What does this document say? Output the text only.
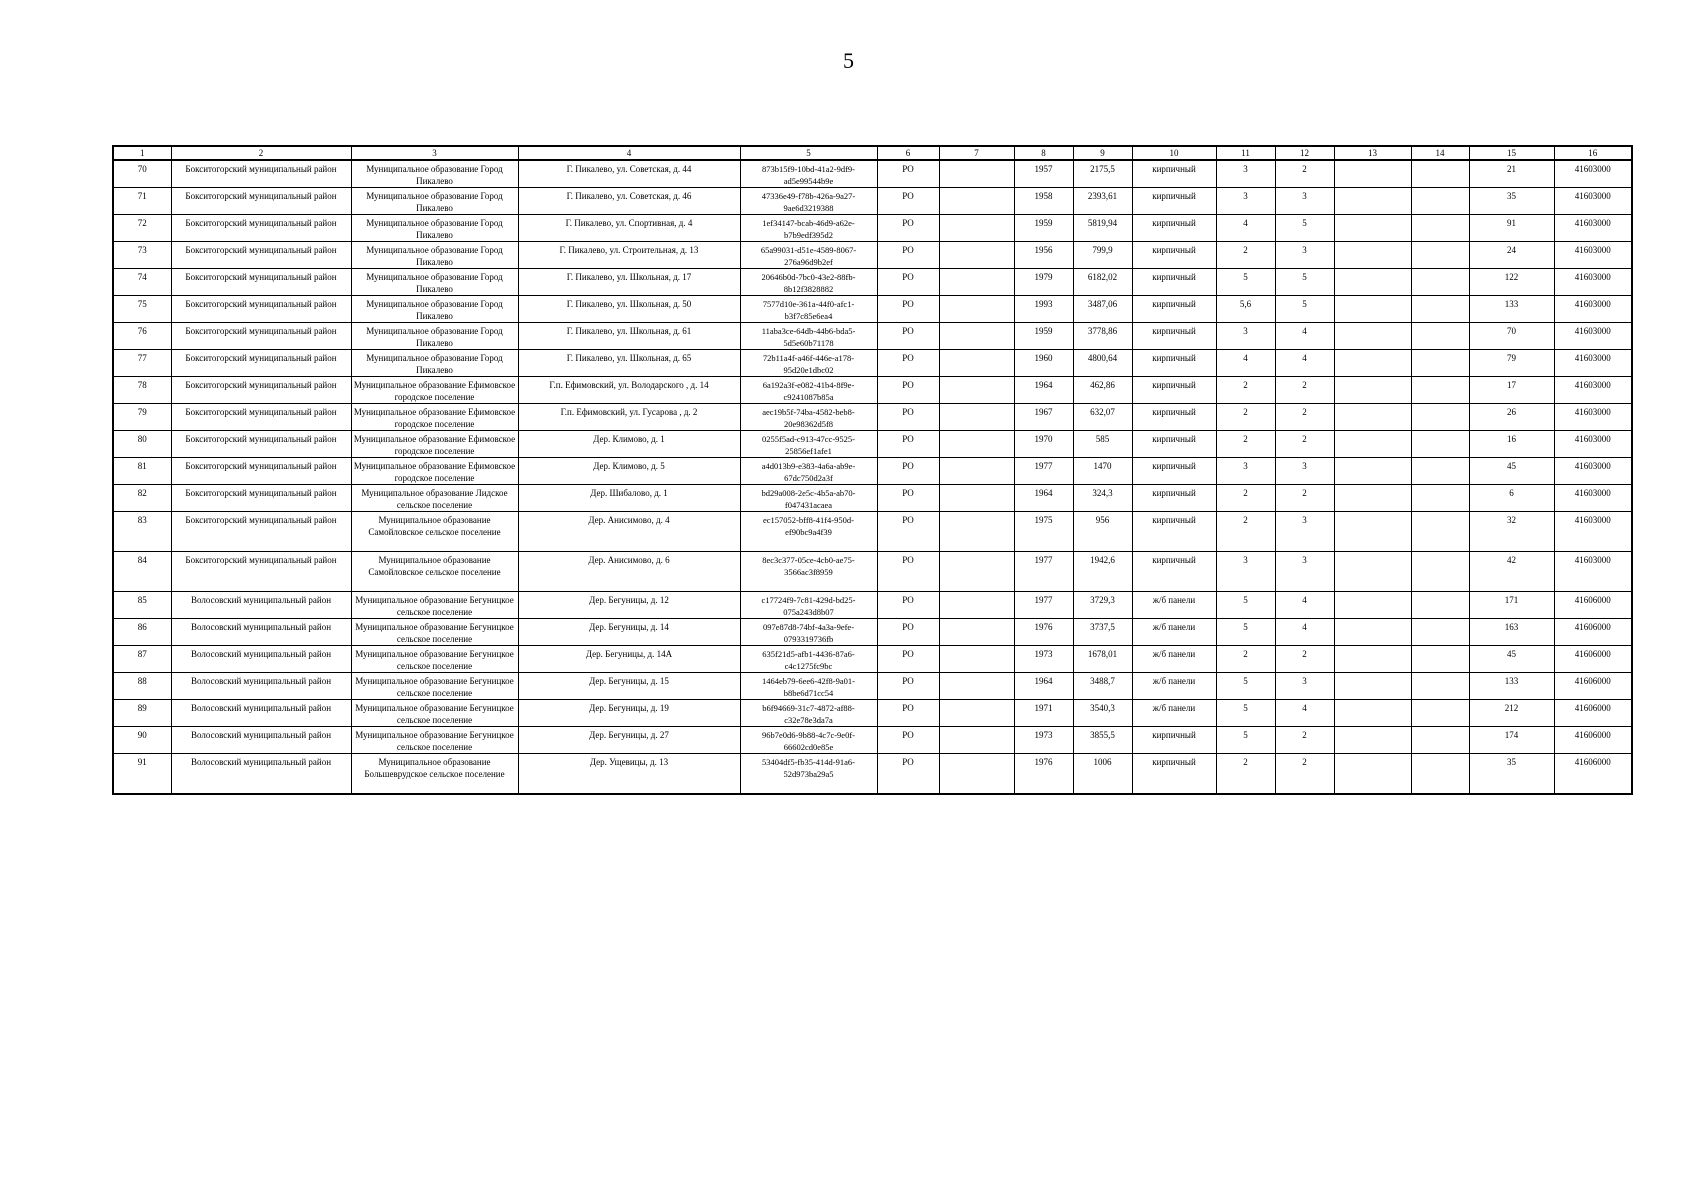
5
1	2	3	4	5	6	7	8	9	10	11	12	13	14	15	16
70	Бокситогорский муниципальный район	Муниципальное образование Город Пикалево	Г. Пикалево, ул. Советская, д. 44	873b15f9-10bd-41a2-9df9-ad5e99544b9e	РО		1957	2175,5	кирпичный	3	2			21	41603000
71	Бокситогорский муниципальный район	Муниципальное образование Город Пикалево	Г. Пикалево, ул. Советская, д. 46	47336e49-f78b-426a-9a27-9ae6d3219388	РО		1958	2393,61	кирпичный	3	3			35	41603000
72	Бокситогорский муниципальный район	Муниципальное образование Город Пикалево	Г. Пикалево, ул. Спортивная, д. 4	1ef34147-bcab-46d9-a62e-b7b9edf395d2	РО		1959	5819,94	кирпичный	4	5			91	41603000
73	Бокситогорский муниципальный район	Муниципальное образование Город Пикалево	Г. Пикалево, ул. Строительная, д. 13	65a99031-d51e-4589-8067-276a96d9b2ef	РО		1956	799,9	кирпичный	2	3			24	41603000
74	Бокситогорский муниципальный район	Муниципальное образование Город Пикалево	Г. Пикалево, ул. Школьная, д. 17	20646b0d-7bc0-43e2-88fb-8b12f3828882	РО		1979	6182,02	кирпичный	5	5			122	41603000
75	Бокситогорский муниципальный район	Муниципальное образование Город Пикалево	Г. Пикалево, ул. Школьная, д. 50	7577d10e-361a-44f0-afc1-b3f7c85e6ea4	РО		1993	3487,06	кирпичный	5,6	5			133	41603000
76	Бокситогорский муниципальный район	Муниципальное образование Город Пикалево	Г. Пикалево, ул. Школьная, д. 61	11aba3ce-64db-44b6-bda5-5d5e60b71178	РО		1959	3778,86	кирпичный	3	4			70	41603000
77	Бокситогорский муниципальный район	Муниципальное образование Город Пикалево	Г. Пикалево, ул. Школьная, д. 65	72b11a4f-a46f-446e-a178-95d20e1dbc02	РО		1960	4800,64	кирпичный	4	4			79	41603000
78	Бокситогорский муниципальный район	Муниципальное образование Ефимовское городское поселение	Г.п. Ефимовский, ул. Володарского , д. 14	6a192a3f-e082-41b4-8f9e-c9241087b85a	РО		1964	462,86	кирпичный	2	2			17	41603000
79	Бокситогорский муниципальный район	Муниципальное образование Ефимовское городское поселение	Г.п. Ефимовский, ул. Гусарова , д. 2	aec19b5f-74ba-4582-beb8-20e98362d5f8	РО		1967	632,07	кирпичный	2	2			26	41603000
80	Бокситогорский муниципальный район	Муниципальное образование Ефимовское городское поселение	Дер. Климово, д. 1	0255f5ad-c913-47cc-9525-25856ef1afe1	РО		1970	585	кирпичный	2	2			16	41603000
81	Бокситогорский муниципальный район	Муниципальное образование Ефимовское городское поселение	Дер. Климово, д. 5	a4d013b9-e383-4a6a-ab9e-67dc750d2a3f	РО		1977	1470	кирпичный	3	3			45	41603000
82	Бокситогорский муниципальный район	Муниципальное образование Лидское сельское поселение	Дер. Шибалово, д. 1	bd29a008-2e5c-4b5a-ab70-f047431acaea	РО		1964	324,3	кирпичный	2	2			6	41603000
83	Бокситогорский муниципальный район	Муниципальное образование Самойловское сельское поселение	Дер. Анисимово, д. 4	ec157052-bff8-41f4-950d-ef90bc9a4f39	РО		1975	956	кирпичный	2	3			32	41603000
84	Бокситогорский муниципальный район	Муниципальное образование Самойловское сельское поселение	Дер. Анисимово, д. 6	8ec3c377-05ce-4cb0-ae75-3566ac3f8959	РО		1977	1942,6	кирпичный	3	3			42	41603000
85	Волосовский муниципальный район	Муниципальное образование Бегуницкое сельское поселение	Дер. Бегуницы, д. 12	c17724f9-7c81-429d-bd25-075a243d8b07	РО		1977	3729,3	ж/б панели	5	4			171	41606000
86	Волосовский муниципальный район	Муниципальное образование Бегуницкое сельское поселение	Дер. Бегуницы, д. 14	097e87d8-74bf-4a3a-9efe-0793319736fb	РО		1976	3737,5	ж/б панели	5	4			163	41606000
87	Волосовский муниципальный район	Муниципальное образование Бегуницкое сельское поселение	Дер. Бегуницы, д. 14А	635f21d5-afb1-4436-87a6-c4c1275fc9bc	РО		1973	1678,01	ж/б панели	2	2			45	41606000
88	Волосовский муниципальный район	Муниципальное образование Бегуницкое сельское поселение	Дер. Бегуницы, д. 15	1464eb79-6ee6-42f8-9a01-b8be6d71cc54	РО		1964	3488,7	ж/б панели	5	3			133	41606000
89	Волосовский муниципальный район	Муниципальное образование Бегуницкое сельское поселение	Дер. Бегуницы, д. 19	b6f94669-31c7-4872-af88-c32e78e3da7a	РО		1971	3540,3	ж/б панели	5	4			212	41606000
90	Волосовский муниципальный район	Муниципальное образование Бегуницкое сельское поселение	Дер. Бегуницы, д. 27	96b7e0d6-9b88-4c7c-9e0f-66602cd0e85e	РО		1973	3855,5	кирпичный	5	2			174	41606000
91	Волосовский муниципальный район	Муниципальное образование Большеврудское сельское поселение	Дер. Ущевицы, д. 13	53404df5-fb35-414d-91a6-52d973ba29a5	РО		1976	1006	кирпичный	2	2			35	41606000
